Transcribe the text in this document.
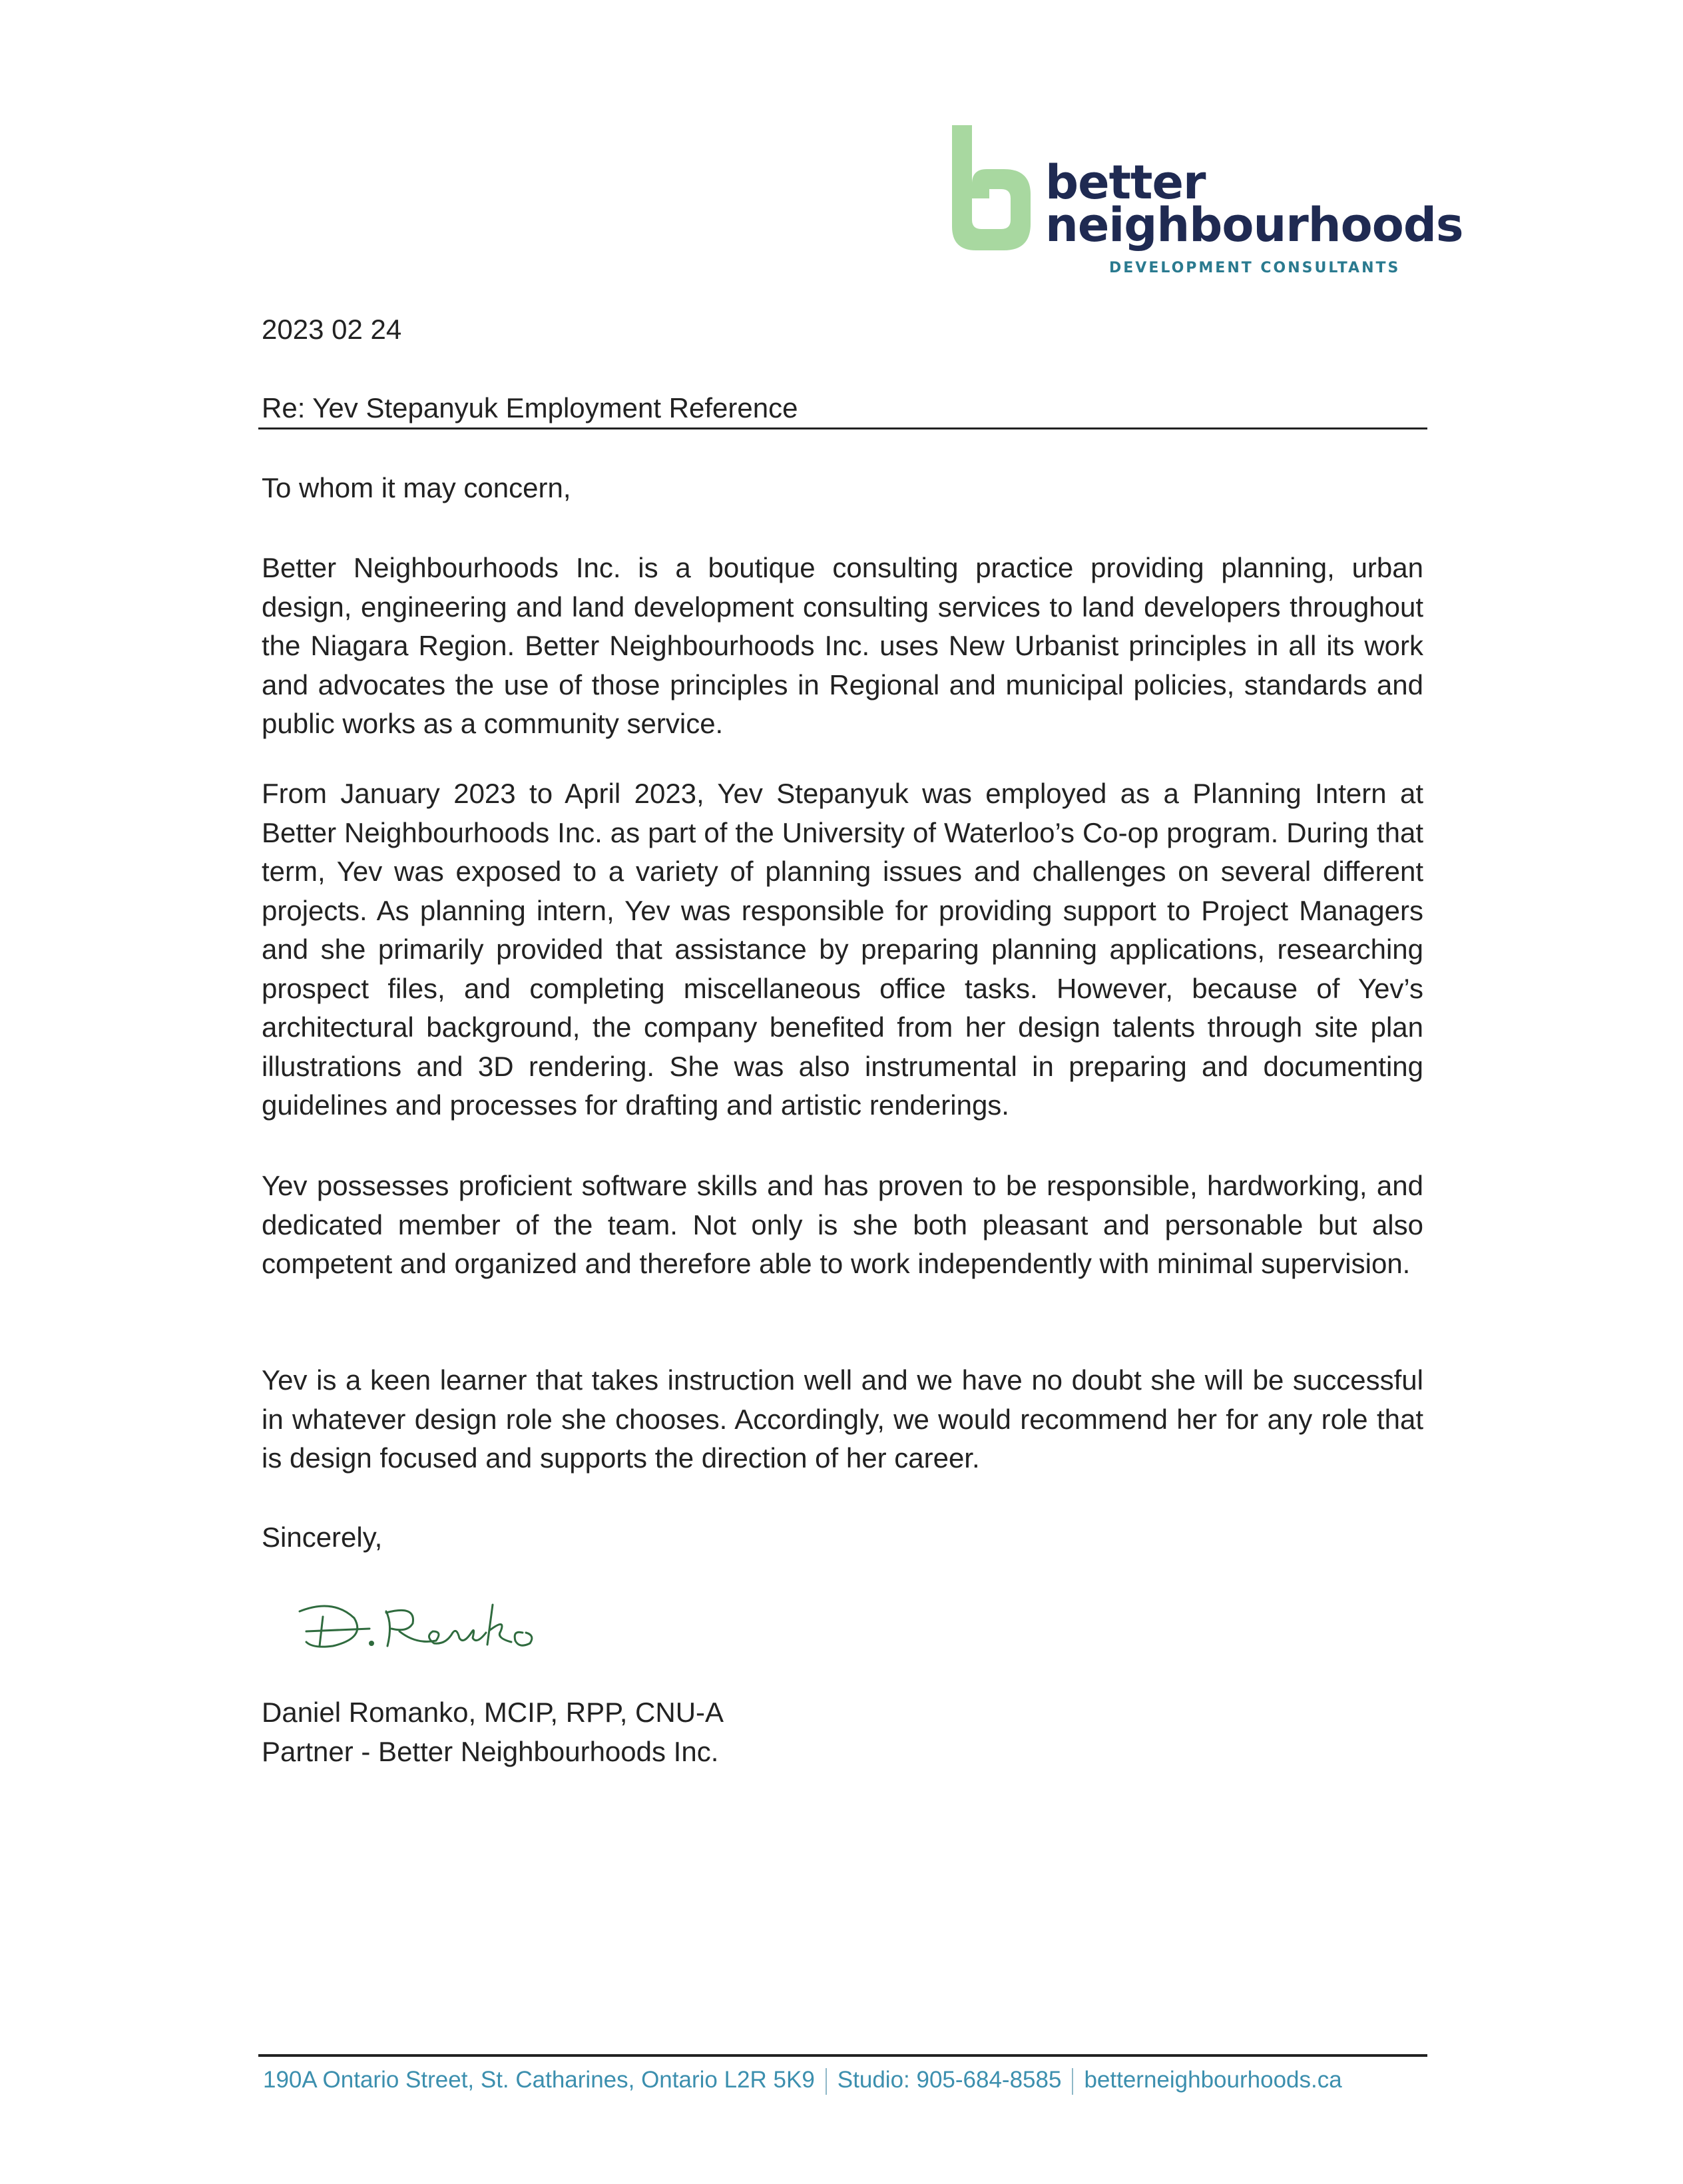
better
neighbourhoods
DEVELOPMENT CONSULTANTS
2023 02 24
Re: Yev Stepanyuk Employment Reference
To whom it may concern,
Better Neighbourhoods Inc. is a boutique consulting practice providing planning, urban design, engineering and land development consulting services to land developers throughout the Niagara Region. Better Neighbourhoods Inc. uses New Urbanist principles in all its work and advocates the use of those principles in Regional and municipal policies, standards and public works as a community service.
From January 2023 to April 2023, Yev Stepanyuk was employed as a Planning Intern at Better Neighbourhoods Inc. as part of the University of Waterloo’s Co-op program. During that term, Yev was exposed to a variety of planning issues and challenges on several different projects. As planning intern, Yev was responsible for providing support to Project Managers and she primarily provided that assistance by preparing planning applications, researching prospect files, and completing miscellaneous office tasks. However, because of Yev’s architectural background, the company benefited from her design talents through site plan illustrations and 3D rendering. She was also instrumental in preparing and documenting guidelines and processes for drafting and artistic renderings.
Yev possesses proficient software skills and has proven to be responsible, hardworking, and dedicated member of the team. Not only is she both pleasant and personable but also competent and organized and therefore able to work independently with minimal supervision.
Yev is a keen learner that takes instruction well and we have no doubt she will be successful in whatever design role she chooses. Accordingly, we would recommend her for any role that is design focused and supports the direction of her career.
Sincerely,
Daniel Romanko, MCIP, RPP, CNU-A
Partner - Better Neighbourhoods Inc.
190A Ontario Street, St. Catharines, Ontario L2R 5K9 Studio: 905-684-8585 betterneighbourhoods.ca
